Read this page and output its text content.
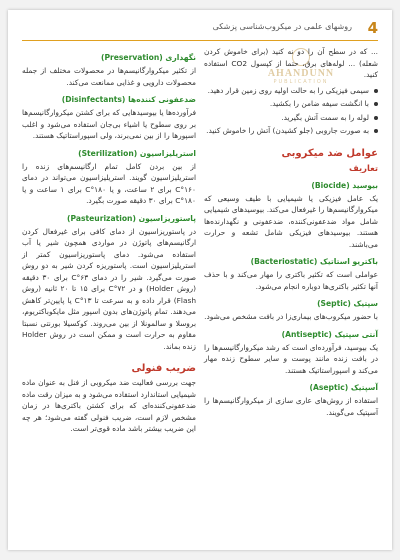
4
روشهای علمی در میکروب‌شناسی پزشکی
AHANDUNN
PUBLICATION

... که در سطح آن را دو نه کنید (برای خاموش کردن شعله) ... لوله‌های برق، حتما از کپسول CO2 استفاده کنید.

سیمی فیزیکی را به حالت اولیه روی زمین قرار دهید.
با انگشت سیفه ضامن را بکشید.
لوله را به سمت آتش بگیرید.
به صورت جاروبی (جلو کشیدن) آتش را خاموش کنید.
عوامل ضد میکروبی
تعاریف
بیوسید (Biocide)

یک عامل فیزیکی یا شیمیایی با طیف وسیعی که میکروارگانیسم‌ها را غیرفعال می‌کند. بیوسیدهای شیمیایی شامل مواد ضدعفونی‌کننده، ضدعفونی و نگهدارنده‌ها هستند. بیوسیدهای فیزیکی شامل تشعه و حرارت می‌باشند.

باکتریو استاتیک (Bacteriostatic)

عواملی است که تکثیر باکتری را مهار می‌کند و با حذف آنها تکثیر باکتری‌ها دوباره انجام می‌شود.

سپتیک (Septic)

با حضور میکروب‌های بیماری‌زا در بافت مشخص می‌شود.

آنتی سپتیک (Antiseptic)

یک بیوسید، فرآورده‌ای است که رشد میکروارگانیسم‌ها را در بافت زنده مانند پوست و سایر سطوح زنده مهار می‌کند و اسپوراستاتیک هستند.

آسپتیک (Aseptic)

استفاده از روش‌های عاری سازی از میکروارگانیسم‌ها را آسپتیک می‌گویند.

نگهداری (Preservation)

از تکثیر میکروارگانیسم‌ها در محصولات مختلف از جمله محصولات دارویی و غذایی ممانعت می‌کند.

ضدعفونی کننده‌ها (Disinfectants)

فرآورده‌ها یا بیوسیدهایی که برای کشتن میکروارگانیسم‌ها بر روی سطوح یا اشیاء بی‌جان استفاده می‌شود و اغلب اسپورها را از بین نمی‌برند، ولی اسپوراستاتیک هستند.

استریلیزاسیون (Sterilization)

از بین بردن کامل تمام ارگانیسم‌های زنده را استریلیزاسیون گویند. استریلیزاسیون می‌تواند در دمای ۱۶۰°C برای ۲ ساعت، و یا ۱۸۰°C برای ۱ ساعت و یا ۱۸۰°C برای ۳۰ دقیقه صورت بگیرد.

پاستوریزاسیون (Pasteurization)

در پاستوریزاسیون از دمای کافی برای غیرفعال کردن ارگانیسم‌های پاتوژن در مواردی همچون شیر یا آب استفاده می‌شود. دمای پاستوریزاسیون کمتر از استریلیزاسیون است. پاستوریزه کردن شیر به دو روش صورت می‌گیرد. شیر را در دمای ۶۳°C برای ۳۰ دقیقه (روش Holder) و در ۷۲°C برای ۱۵ تا ۲۰ ثانیه (روش Flash) قرار داده و به سرعت تا ۱۳°C یا پایین‌تر کاهش می‌دهند. تمام پاتوژن‌های بدون اسپور مثل مایکوباکتریوم، بروسلا و سالمونلا از بین می‌روند. کوکسیلا بورنتی نسبتا مقاوم به حرارت است و ممکن است در روش Holder زنده بماند.

ضریب فنولی

جهت بررسی فعالیت ضد میکروبی از فنل به عنوان ماده شیمیایی استاندارد استفاده می‌شود و به میزان رقت ماده ضدعفونی‌کننده‌ای که برای کشتن باکتری‌ها در زمان مشخص لازم است، ضریب فنولی گفته می‌شود؛ هر چه این ضریب بیشتر باشد ماده قوی‌تر است.
